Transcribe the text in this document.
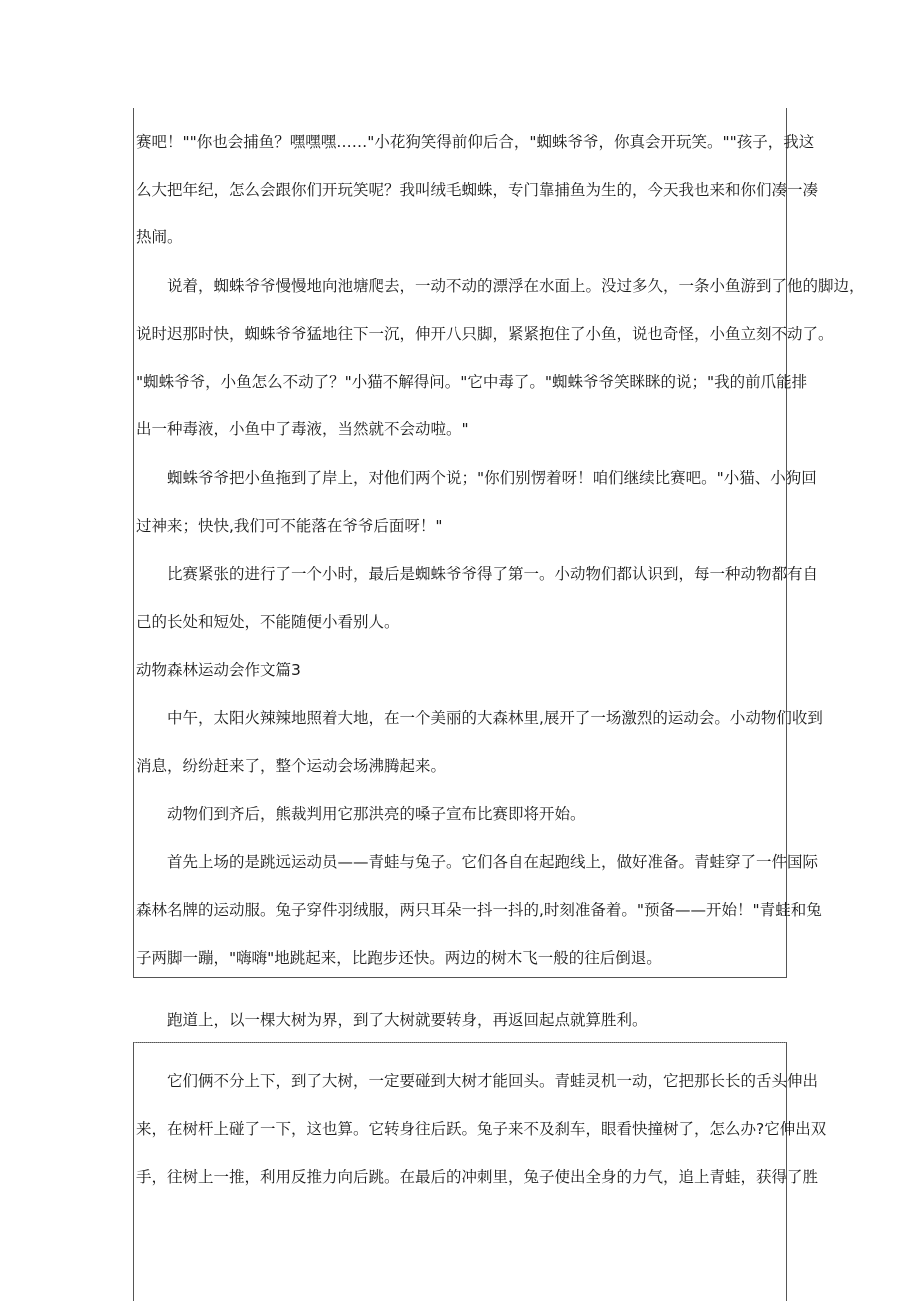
赛吧！""你也会捕鱼？嘿嘿嘿……"小花狗笑得前仰后合，"蜘蛛爷爷，你真会开玩笑。""孩子，我这
么大把年纪，怎么会跟你们开玩笑呢？我叫绒毛蜘蛛，专门靠捕鱼为生的，今天我也来和你们凑一凑
热闹。
　　说着，蜘蛛爷爷慢慢地向池塘爬去，一动不动的漂浮在水面上。没过多久，一条小鱼游到了他的脚边，
说时迟那时快，蜘蛛爷爷猛地往下一沉，伸开八只脚，紧紧抱住了小鱼，说也奇怪，小鱼立刻不动了。
"蜘蛛爷爷，小鱼怎么不动了？"小猫不解得问。"它中毒了。"蜘蛛爷爷笑眯眯的说；"我的前爪能排
出一种毒液，小鱼中了毒液，当然就不会动啦。"
　　蜘蛛爷爷把小鱼拖到了岸上，对他们两个说；"你们别愣着呀！咱们继续比赛吧。"小猫、小狗回
过神来；快快,我们可不能落在爷爷后面呀！"
　　比赛紧张的进行了一个小时，最后是蜘蛛爷爷得了第一。小动物们都认识到，每一种动物都有自
己的长处和短处，不能随便小看别人。
动物森林运动会作文篇3
　　中午，太阳火辣辣地照着大地，在一个美丽的大森林里,展开了一场激烈的运动会。小动物们收到
消息，纷纷赶来了，整个运动会场沸腾起来。
　　动物们到齐后，熊裁判用它那洪亮的嗓子宣布比赛即将开始。
　　首先上场的是跳远运动员——青蛙与兔子。它们各自在起跑线上，做好准备。青蛙穿了一件国际
森林名牌的运动服。兔子穿件羽绒服，两只耳朵一抖一抖的,时刻准备着。"预备——开始！"青蛙和兔
子两脚一蹦，"嗨嗨"地跳起来，比跑步还快。两边的树木飞一般的往后倒退。
　　跑道上，以一棵大树为界，到了大树就要转身，再返回起点就算胜利。
　　它们俩不分上下，到了大树，一定要碰到大树才能回头。青蛙灵机一动，它把那长长的舌头伸出
来，在树杆上碰了一下，这也算。它转身往后跃。兔子来不及刹车，眼看快撞树了，怎么办?它伸出双
手，往树上一推，利用反推力向后跳。在最后的冲刺里，兔子使出全身的力气，追上青蛙，获得了胜
